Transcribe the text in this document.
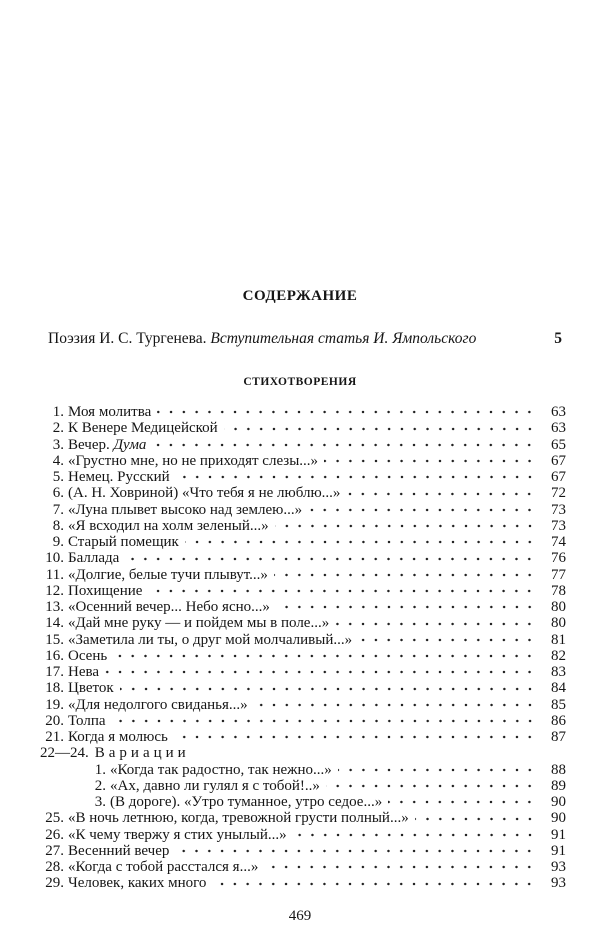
СОДЕРЖАНИЕ
Поэзия И. С. Тургенева. Вступительная статья И. Ямпольского	5
СТИХОТВОРЕНИЯ
1. Моя молитва	63
2. К Венере Медицейской	63
3. Вечер. Дума	65
4. «Грустно мне, но не приходят слезы...»	67
5. Немец. Русский	67
6. (А. Н. Ховриной) «Что тебя я не люблю...»	72
7. «Луна плывет высоко над землею...»	73
8. «Я всходил на холм зеленый...»	73
9. Старый помещик	74
10. Баллада	76
11. «Долгие, белые тучи плывут...»	77
12. Похищение	78
13. «Осенний вечер... Небо ясно...»	80
14. «Дай мне руку — и пойдем мы в поле...»	80
15. «Заметила ли ты, о друг мой молчаливый...»	81
16. Осень	82
17. Нева	83
18. Цветок	84
19. «Для недолгого свиданья...»	85
20. Толпа	86
21. Когда я молюсь	87
22—24. Вариации
1. «Когда так радостно, так нежно...»	88
2. «Ах, давно ли гулял я с тобой!..»	89
3. (В дороге). «Утро туманное, утро седое...»	90
25. «В ночь летнюю, когда, тревожной грусти полный...»	90
26. «К чему твержу я стих унылый...»	91
27. Весенний вечер	91
28. «Когда с тобой расстался я...»	93
29. Человек, каких много	93
469
